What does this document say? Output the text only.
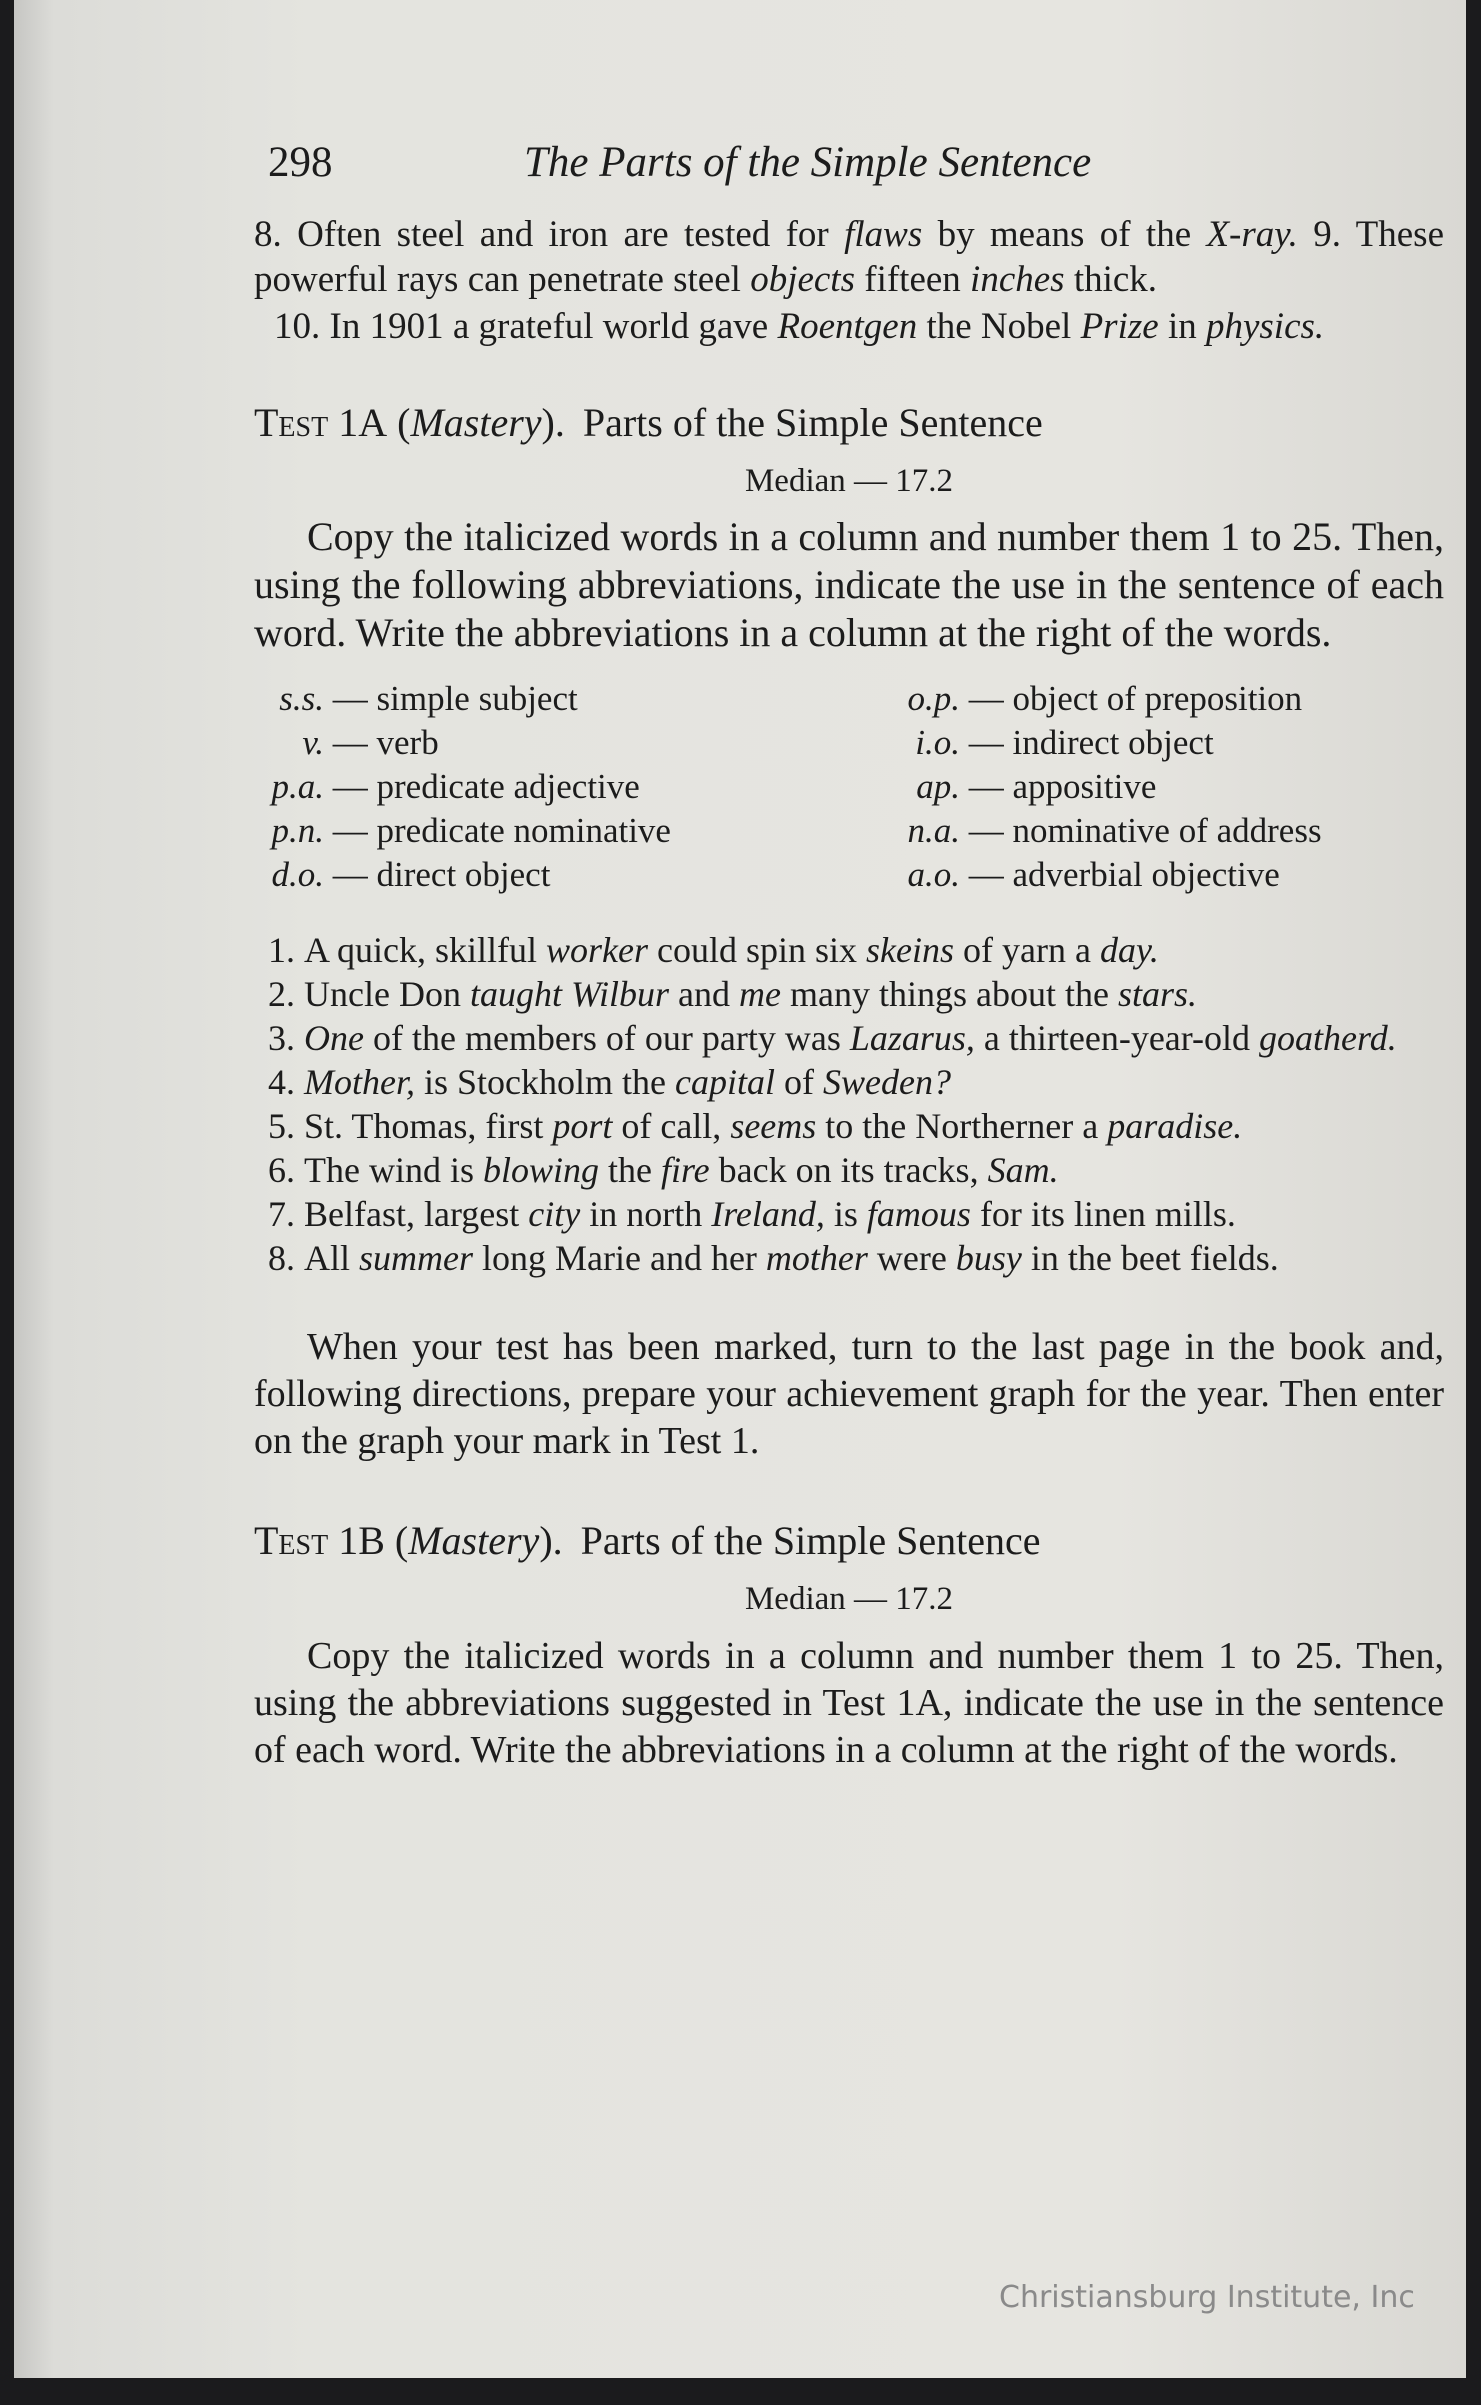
298	The Parts of the Simple Sentence

8. Often steel and iron are tested for flaws by means of the X-ray. 9. These powerful rays can penetrate steel objects fifteen inches thick.

10. In 1901 a grateful world gave Roentgen the Nobel Prize in physics.

Test 1A (Mastery). Parts of the Simple Sentence
Median — 17.2

Copy the italicized words in a column and number them 1 to 25. Then, using the following abbreviations, indicate the use in the sentence of each word. Write the abbreviations in a column at the right of the words.

s.s. — simple subject
v. — verb
p.a. — predicate adjective
p.n. — predicate nominative
d.o. — direct object
o.p. — object of preposition
i.o. — indirect object
ap. — appositive
n.a. — nominative of address
a.o. — adverbial objective
1. A quick, skillful worker could spin six skeins of yarn a day.
2. Uncle Don taught Wilbur and me many things about the stars.
3. One of the members of our party was Lazarus, a thirteen-year-old goatherd.
4. Mother, is Stockholm the capital of Sweden?
5. St. Thomas, first port of call, seems to the Northerner a paradise.
6. The wind is blowing the fire back on its tracks, Sam.
7. Belfast, largest city in north Ireland, is famous for its linen mills.
8. All summer long Marie and her mother were busy in the beet fields.

When your test has been marked, turn to the last page in the book and, following directions, prepare your achievement graph for the year. Then enter on the graph your mark in Test 1.

Test 1B (Mastery). Parts of the Simple Sentence
Median — 17.2

Copy the italicized words in a column and number them 1 to 25. Then, using the abbreviations suggested in Test 1A, indicate the use in the sentence of each word. Write the abbreviations in a column at the right of the words.

Christiansburg Institute, Inc
